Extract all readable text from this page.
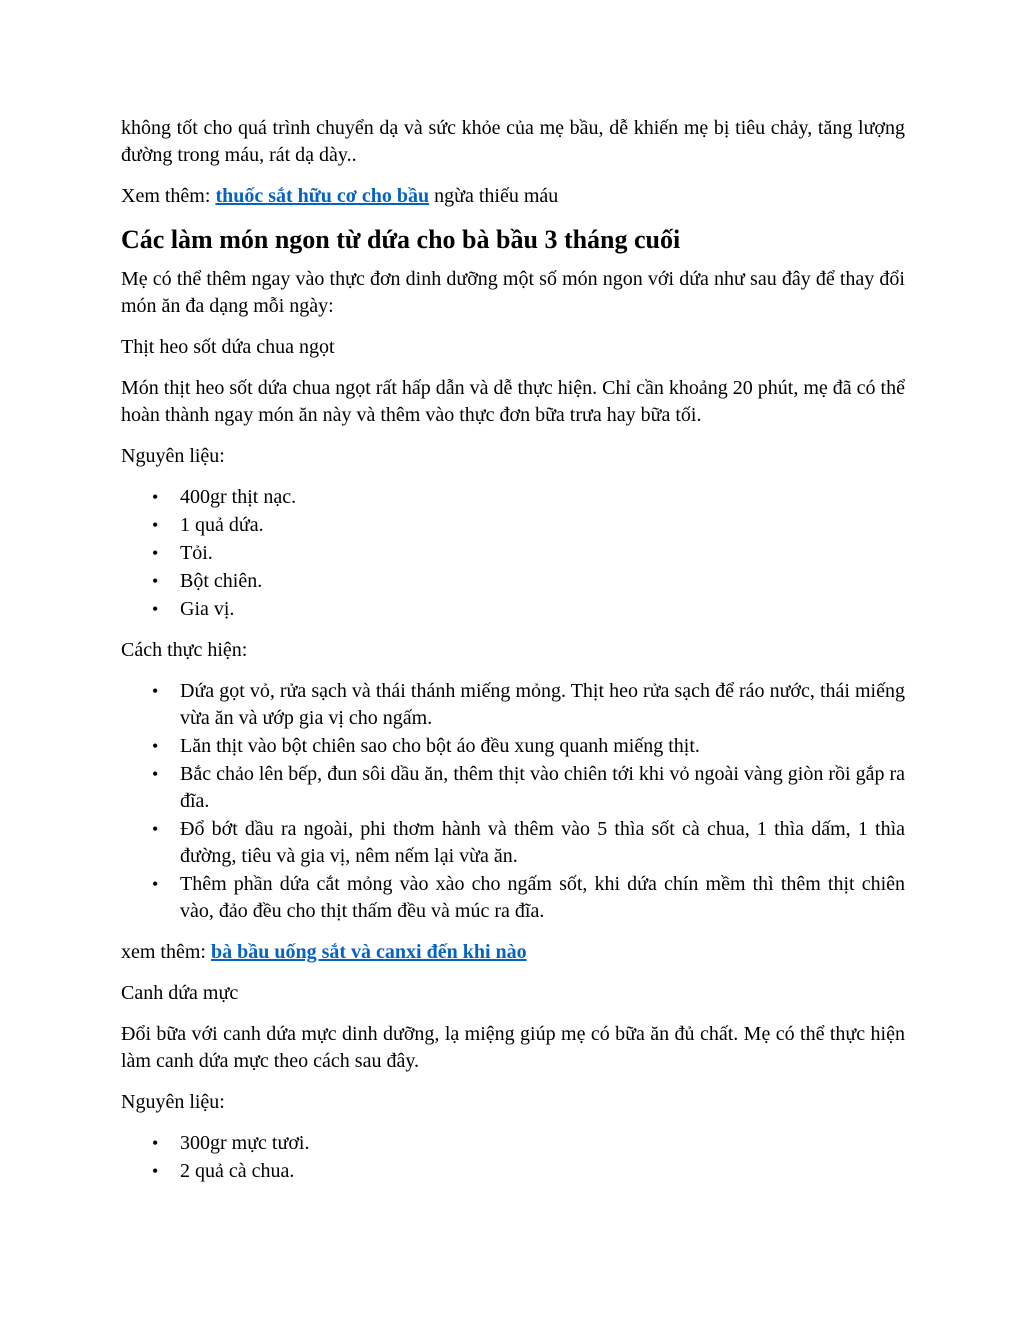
không tốt cho quá trình chuyển dạ và sức khỏe của mẹ bầu, dễ khiến mẹ bị tiêu chảy, tăng lượng đường trong máu, rát dạ dày..

Xem thêm: thuốc sắt hữu cơ cho bầu ngừa thiếu máu

Các làm món ngon từ dứa cho bà bầu 3 tháng cuối

Mẹ có thể thêm ngay vào thực đơn dinh dưỡng một số món ngon với dứa như sau đây để thay đổi món ăn đa dạng mỗi ngày:

Thịt heo sốt dứa chua ngọt

Món thịt heo sốt dứa chua ngọt rất hấp dẫn và dễ thực hiện. Chỉ cần khoảng 20 phút, mẹ đã có thể hoàn thành ngay món ăn này và thêm vào thực đơn bữa trưa hay bữa tối.

Nguyên liệu:

• 400gr thịt nạc.
• 1 quả dứa.
• Tỏi.
• Bột chiên.
• Gia vị.

Cách thực hiện:

• Dứa gọt vỏ, rửa sạch và thái thánh miếng mỏng. Thịt heo rửa sạch để ráo nước, thái miếng vừa ăn và ướp gia vị cho ngấm.
• Lăn thịt vào bột chiên sao cho bột áo đều xung quanh miếng thịt.
• Bắc chảo lên bếp, đun sôi dầu ăn, thêm thịt vào chiên tới khi vỏ ngoài vàng giòn rồi gắp ra đĩa.
• Đổ bớt dầu ra ngoài, phi thơm hành và thêm vào 5 thìa sốt cà chua, 1 thìa dấm, 1 thìa đường, tiêu và gia vị, nêm nếm lại vừa ăn.
• Thêm phần dứa cắt mỏng vào xào cho ngấm sốt, khi dứa chín mềm thì thêm thịt chiên vào, đảo đều cho thịt thấm đều và múc ra đĩa.

xem thêm: bà bầu uống sắt và canxi đến khi nào

Canh dứa mực

Đổi bữa với canh dứa mực dinh dưỡng, lạ miệng giúp mẹ có bữa ăn đủ chất. Mẹ có thể thực hiện làm canh dứa mực theo cách sau đây.

Nguyên liệu:

• 300gr mực tươi.
• 2 quả cà chua.
